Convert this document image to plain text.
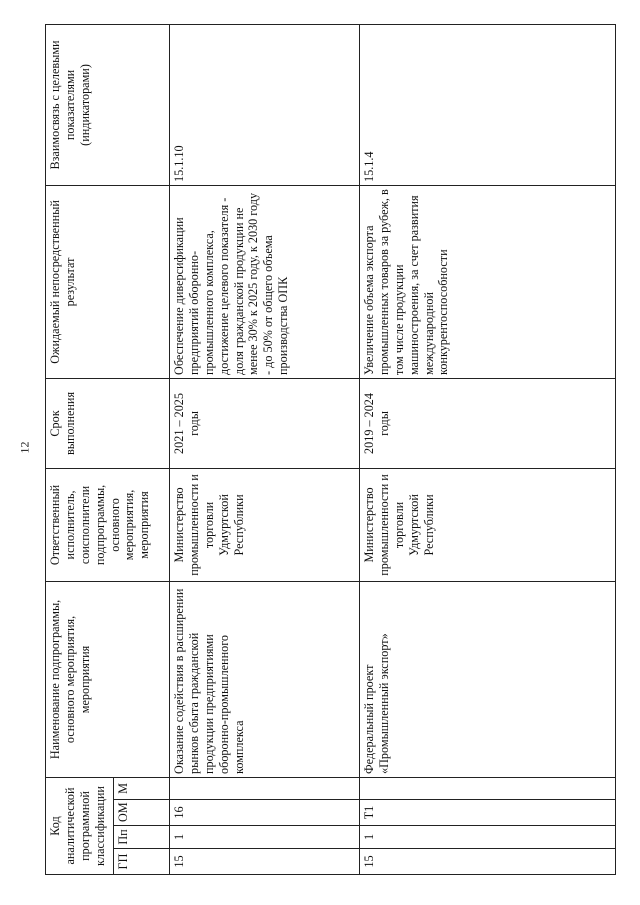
12
Код аналитической программной классификации				Наименование подпрограммы, основного мероприятия, мероприятия	Ответственный исполнитель, соисполнители подпрограммы, основного мероприятия, мероприятия	Срок выполнения	Ожидаемый непосредственный результат	Взаимосвязь с целевыми показателями (индикаторами)
ГП	Пп	ОМ	М					
15	1	16		Оказание содействия в расширении рынков сбыта гражданской продукции предприятиями оборонно-промышленного комплекса	Министерство промышленности и торговли Удмуртской Республики	2021 – 2025 годы	Обеспечение диверсификации предприятий оборонно-промышленного комплекса, достижение целевого показателя - доля гражданской продукции не менее 30% к 2025 году, к 2030 году - до 50% от общего объема производства ОПК	15.1.10
15	1	Т1		Федеральный проект «Промышленный экспорт»	Министерство промышленности и торговли Удмуртской Республики	2019 – 2024 годы	Увеличение объема экспорта промышленных товаров за рубеж, в том числе продукции машиностроения, за счет развития международной конкурентоспособности	15.1.4
